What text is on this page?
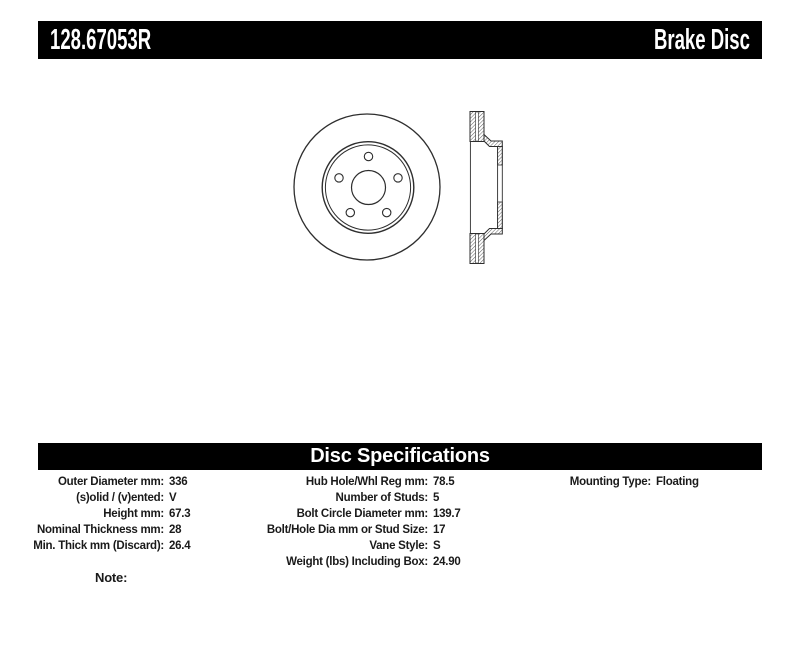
128.67053R	Brake Disc
Disc Specifications
Outer Diameter mm: 336
(s)olid / (v)ented: V
Height mm: 67.3
Nominal Thickness mm: 28
Min. Thick mm (Discard): 26.4
Hub Hole/Whl Reg mm: 78.5
Number of Studs: 5
Bolt Circle Diameter mm: 139.7
Bolt/Hole Dia mm or Stud Size: 17
Vane Style: S
Weight (lbs) Including Box: 24.90
Mounting Type: Floating
Note:
